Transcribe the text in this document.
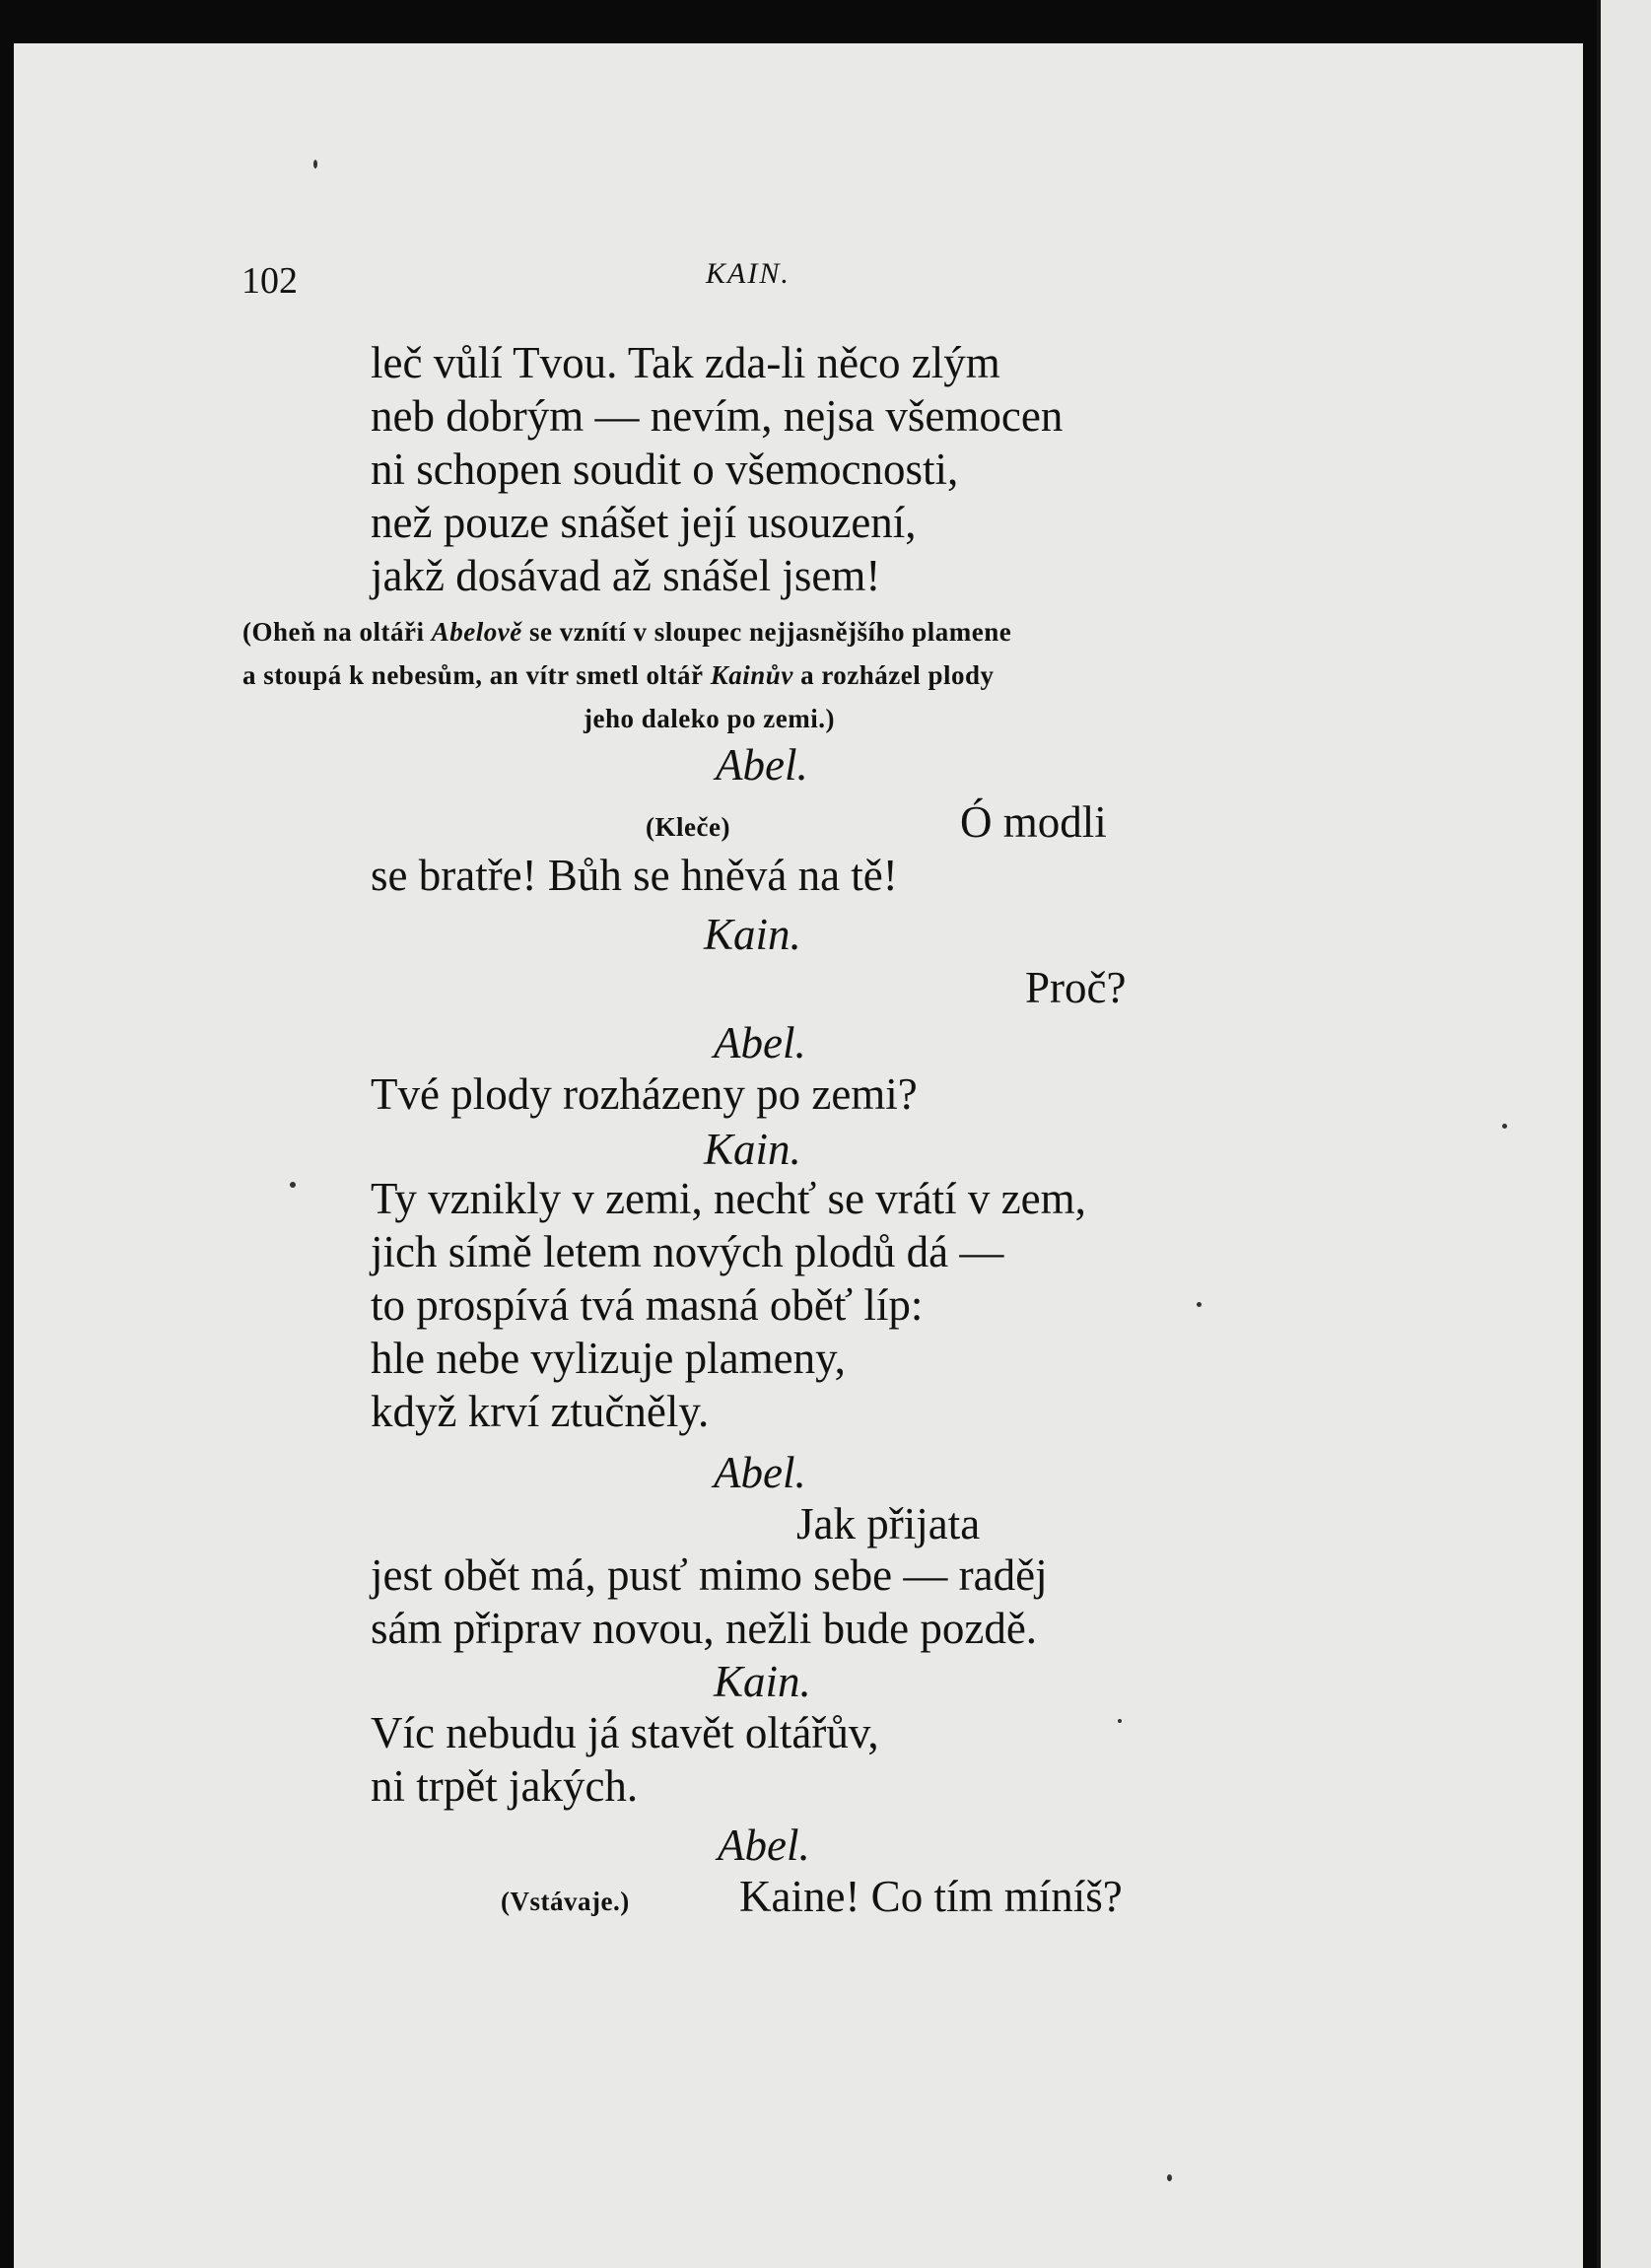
102	KAIN.
leč vůlí Tvou. Tak zda-li něco zlým
neb dobrým — nevím, nejsa všemocen
ni schopen soudit o všemocnosti,
než pouze snášet její usouzení,
jakž dosávad až snášel jsem!
(Oheň na oltáři Abelově se vznítí v sloupec nejjasnějšího plamene
a stoupá k nebesům, an vítr smetl oltář Kainův a rozházel plody
jeho daleko po zemi.)
Abel.
(Kleče)	Ó modli
se bratře! Bůh se hněvá na tě!
Kain.
Proč?
Abel.
Tvé plody rozházeny po zemi?
Kain.
Ty vznikly v zemi, nechť se vrátí v zem,
jich símě letem nových plodů dá —
to prospívá tvá masná oběť líp:
hle nebe vylizuje plameny,
když krví ztučněly.
Abel.
Jak přijata
jest obět má, pusť mimo sebe — raděj
sám připrav novou, nežli bude pozdě.
Kain.
Víc nebudu já stavět oltářův,
ni trpět jakých.
Abel.
(Vstávaje.) Kaine! Co tím míníš?
